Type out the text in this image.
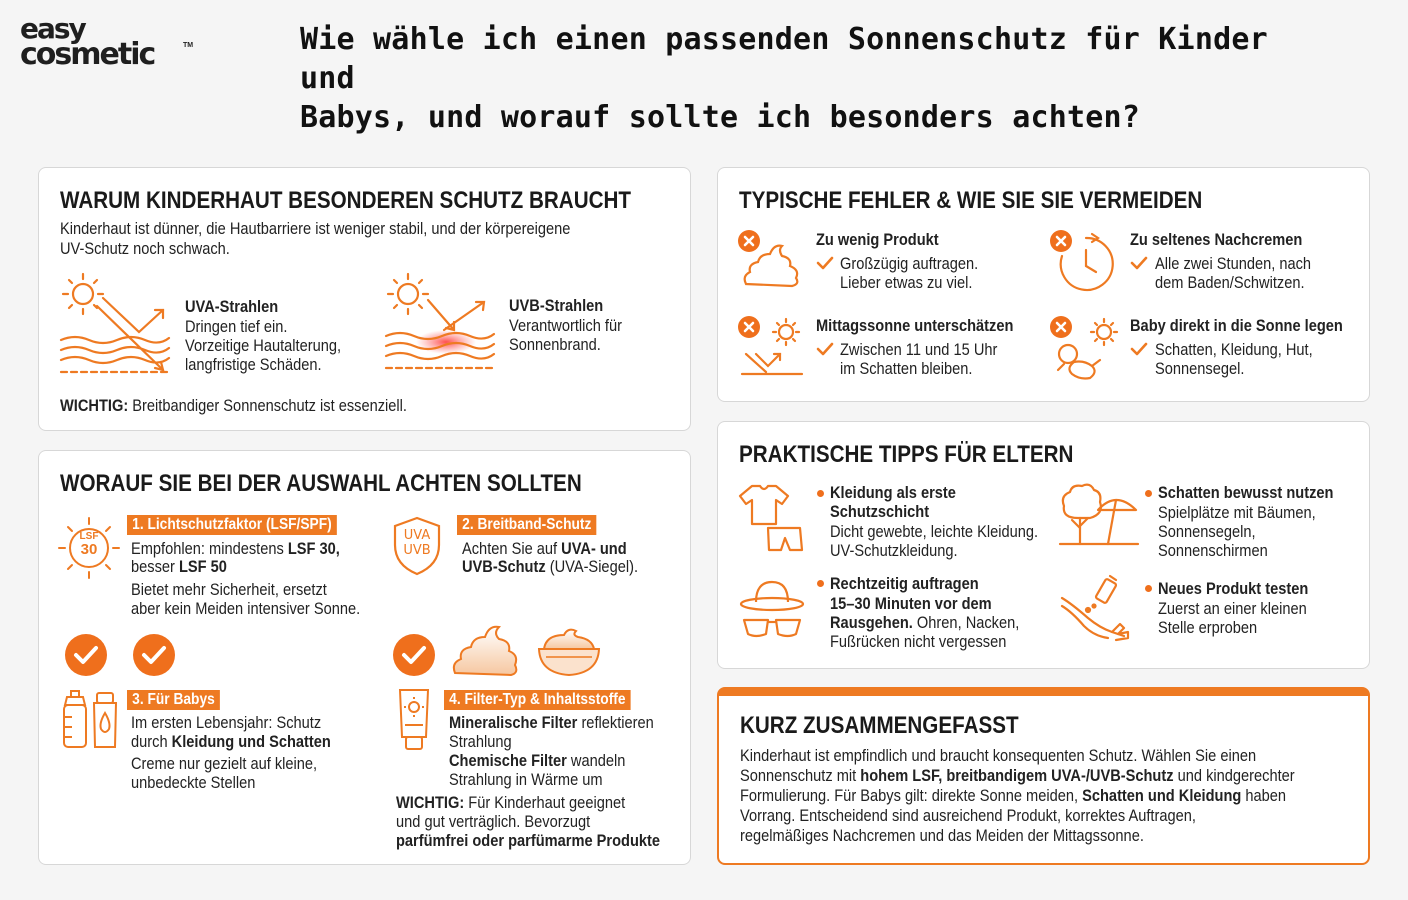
easy
cosmetic	TM	Wie wähle ich einen passenden Sonnenschutz für Kinder und
Babys, und worauf sollte ich besonders achten?
WARUM KINDERHAUT BESONDEREN SCHUTZ BRAUCHT
Kinderhaut ist dünner, die Hautbarriere ist weniger stabil, und der körpereigene
UV-Schutz noch schwach.
UVA-Strahlen
Dringen tief ein.
Vorzeitige Hautalterung,
langfristige Schäden.
UVB-Strahlen
Verantwortlich für
Sonnenbrand.
WICHTIG: Breitbandiger Sonnenschutz ist essenziell.
WORAUF SIE BEI DER AUSWAHL ACHTEN SOLLTEN
LSF
30
1. Lichtschutzfaktor (LSF/SPF)
Empfohlen: mindestens LSF 30,
besser LSF 50
Bietet mehr Sicherheit, ersetzt
aber kein Meiden intensiver Sonne.
UVA
UVB
2. Breitband-Schutz
Achten Sie auf UVA- und
UVB-Schutz (UVA-Siegel).
3. Für Babys
Im ersten Lebensjahr: Schutz
durch Kleidung und Schatten
Creme nur gezielt auf kleine,
unbedeckte Stellen
4. Filter-Typ & Inhaltsstoffe
Mineralische Filter reflektieren
Strahlung
Chemische Filter wandeln
Strahlung in Wärme um
WICHTIG: Für Kinderhaut geeignet
und gut verträglich. Bevorzugt
parfümfrei oder parfümarme Produkte
TYPISCHE FEHLER & WIE SIE SIE VERMEIDEN
Zu wenig Produkt
Großzügig auftragen.
Lieber etwas zu viel.
Zu seltenes Nachcremen
Alle zwei Stunden, nach
dem Baden/Schwitzen.
Mittagssonne unterschätzen
Zwischen 11 und 15 Uhr
im Schatten bleiben.
Baby direkt in die Sonne legen
Schatten, Kleidung, Hut,
Sonnensegel.
PRAKTISCHE TIPPS FÜR ELTERN
Kleidung als erste
Schutzschicht
Dicht gewebte, leichte Kleidung.
UV-Schutzkleidung.
Schatten bewusst nutzen
Spielplätze mit Bäumen,
Sonnensegeln,
Sonnenschirmen
Rechtzeitig auftragen
15–30 Minuten vor dem
Rausgehen. Ohren, Nacken,
Fußrücken nicht vergessen
Neues Produkt testen
Zuerst an einer kleinen
Stelle erproben
KURZ ZUSAMMENGEFASST
Kinderhaut ist empfindlich und braucht konsequenten Schutz. Wählen Sie einen
Sonnenschutz mit hohem LSF, breitbandigem UVA-/UVB-Schutz und kindgerechter
Formulierung. Für Babys gilt: direkte Sonne meiden, Schatten und Kleidung haben
Vorrang. Entscheidend sind ausreichend Produkt, korrektes Auftragen,
regelmäßiges Nachcremen und das Meiden der Mittagssonne.
